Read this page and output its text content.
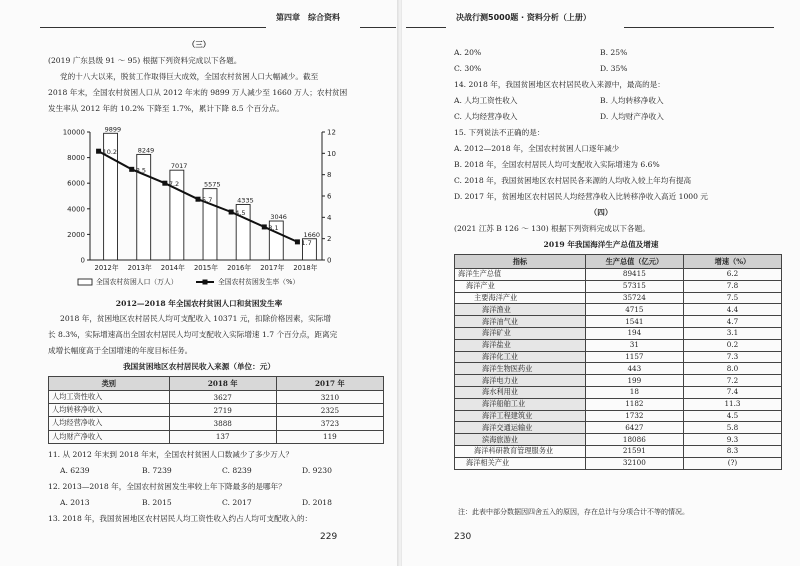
第四章　综合资料
（三）
(2019 广东县级 91 ～ 95) 根据下列资料完成以下各题。
党的十八大以来，脱贫工作取得巨大成效，全国农村贫困人口大幅减少。截至
2018 年末，全国农村贫困人口从 2012 年末的 9899 万人减少至 1660 万人；农村贫困
发生率从 2012 年的 10.2% 下降至 1.7%，累计下降 8.5 个百分点。
0
2000
4000
6000
8000
10000
0
2
4
6
8
10
12
9899
2012年
8249
2013年
7017
2014年
5575
2015年
4335
2016年
3046
2017年
1660
2018年
10.2
8.5
7.2
5.7
4.5
3.1
1.7
全国农村贫困人口（万人）	全国农村贫困发生率（%）
2012—2018 年全国农村贫困人口和贫困发生率
2018 年，贫困地区农村居民人均可支配收入 10371 元，扣除价格因素，实际增
长 8.3%，实际增速高出全国农村居民人均可支配收入实际增速 1.7 个百分点，距离完
成增长幅度高于全国增速的年度目标任务。
我国贫困地区农村居民收入来源（单位：元）
类别	2018 年	2017 年
人均工资性收入	3627	3210
人均转移净收入	2719	2325
人均经营净收入	3888	3723
人均财产净收入	137	119
11. 从 2012 年末到 2018 年末，全国农村贫困人口数减少了多少万人？
A. 6239	B. 7239	C. 8239	D. 9230
12. 2013—2018 年，全国农村贫困发生率较上年下降最多的是哪年？
A. 2013	B. 2015	C. 2017	D. 2018
13. 2018 年，我国贫困地区农村居民人均工资性收入约占人均可支配收入的：
229
决战行测5000题 · 资料分析（上册）
A. 20%	B. 25%
C. 30%	D. 35%
14. 2018 年，我国贫困地区农村居民收入来源中，最高的是：
A. 人均工资性收入	B. 人均转移净收入
C. 人均经营净收入	D. 人均财产净收入
15. 下列说法不正确的是：
A. 2012—2018 年，全国农村贫困人口逐年减少
B. 2018 年，全国农村居民人均可支配收入实际增速为 6.6%
C. 2018 年，我国贫困地区农村居民各来源的人均收入较上年均有提高
D. 2017 年，贫困地区农村居民人均经营净收入比转移净收入高近 1000 元
（四）
(2021 江苏 B 126 ～ 130) 根据下列资料完成以下各题。
2019 年我国海洋生产总值及增速
指标	生产总值（亿元）	增速（%）
海洋生产总值	89415	6.2
海洋产业	57315	7.8
主要海洋产业	35724	7.5
海洋渔业	4715	4.4
海洋油气业	1541	4.7
海洋矿业	194	3.1
海洋盐业	31	0.2
海洋化工业	1157	7.3
海洋生物医药业	443	8.0
海洋电力业	199	7.2
海水利用业	18	7.4
海洋船舶工业	1182	11.3
海洋工程建筑业	1732	4.5
海洋交通运输业	6427	5.8
滨海旅游业	18086	9.3
海洋科研教育管理服务业	21591	8.3
海洋相关产业	32100	(?)
注：此表中部分数据因四舍五入的原因，存在总计与分项合计不等的情况。
230
